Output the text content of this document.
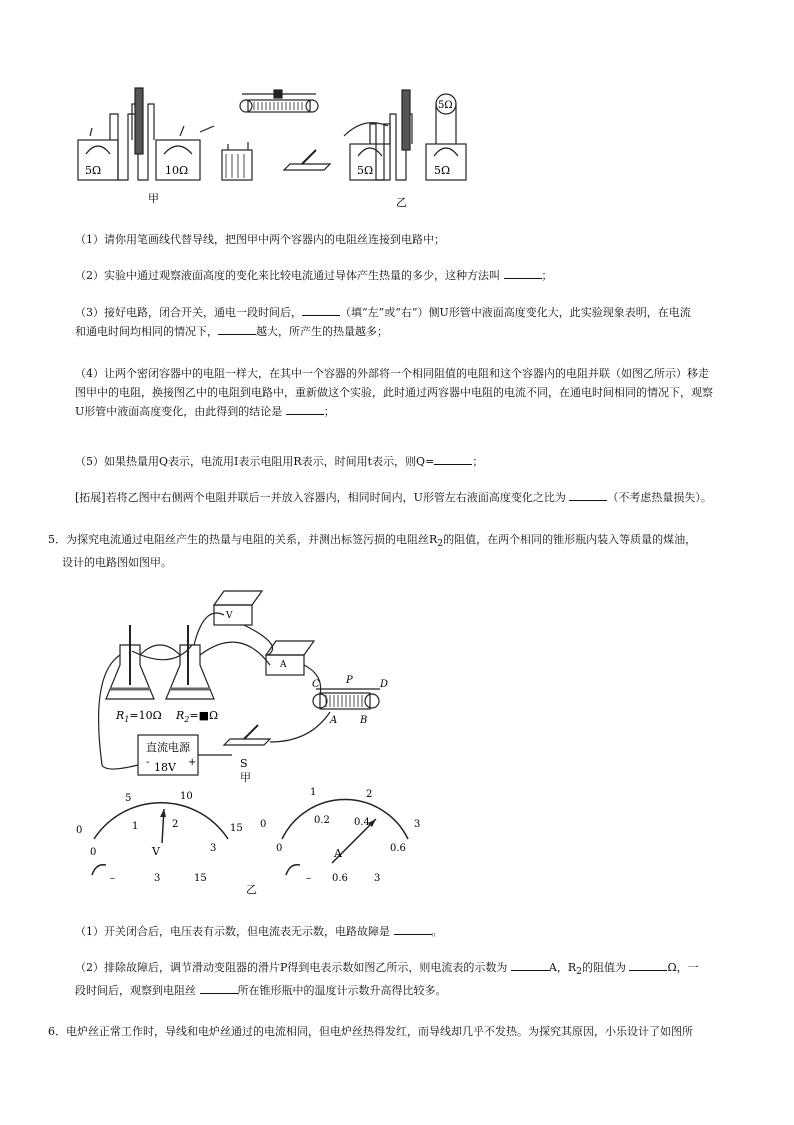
5Ω	10Ω	5Ω	5Ω
5Ω
甲	乙
（1）请你用笔画线代替导线，把图甲中两个容器内的电阻丝连接到电路中；
（2）实验中通过观察液面高度的变化来比较电流通过导体产生热量的多少，这种方法叫	；
（3）接好电路，闭合开关，通电一段时间后，	（填“左”或“右”）侧U形管中液面高度变化大，此实验现象表明，在电流
和通电时间均相同的情况下，	越大，所产生的热量越多；
（4）让两个密闭容器中的电阻一样大，在其中一个容器的外部将一个相同阻值的电阻和这个容器内的电阻并联（如图乙所示）移走
图甲中的电阻，换接图乙中的电阻到电路中，重新做这个实验，此时通过两容器中电阻的电流不同，在通电时间相同的情况下，观察
U形管中液面高度变化，由此得到的结论是	；
（5）如果热量用Q表示，电流用I表示电阻用R表示，时间用t表示，则Q=	；
[拓展]若将乙图中右侧两个电阻并联后一并放入容器内，相同时间内，U形管左右液面高度变化之比为	（不考虑热量损失）。
5．为探究电流通过电阻丝产生的热量与电阻的关系，并测出标签污损的电阻丝$R_2$的阻值，在两个相同的锥形瓶内装入等质量的煤油，
设计的电路图如图甲。
$R_1=10\Omega$ $R_2=■\Omega$
直流电源
-	+
18V	S
甲
V
A
C	P	D
A B
0
5	10
15
0
1	2
3
V
–	3	15
0
1	2
3
0
0.2 0.4
0.6
A
– 0.6	3
乙
（1）开关闭合后，电压表有示数，但电流表无示数，电路故障是	。
（2）排除故障后，调节滑动变阻器的滑片P得到电表示数如图乙所示，则电流表的示数为	A，$R_2$的阻值为	Ω，一
段时间后，观察到电阻丝	所在锥形瓶中的温度计示数升高得比较多。
6．电炉丝正常工作时，导线和电炉丝通过的电流相同，但电炉丝热得发红，而导线却几乎不发热。为探究其原因，小乐设计了如图所
